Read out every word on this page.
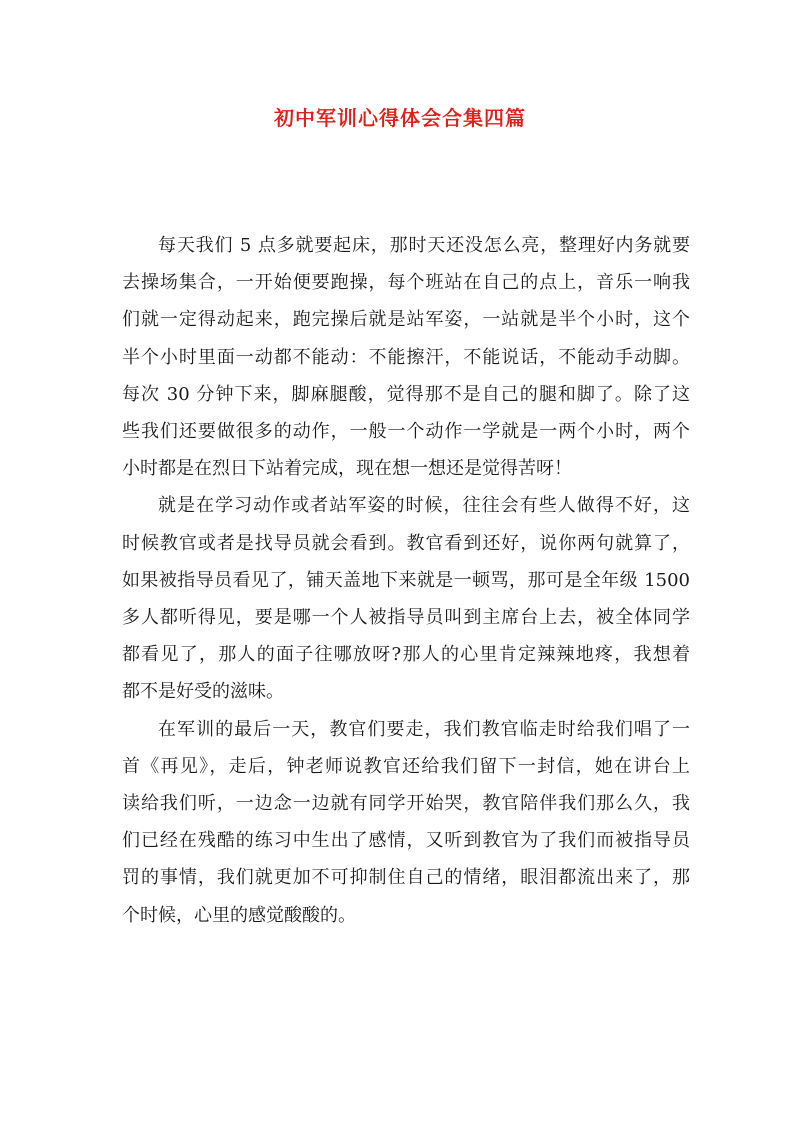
初中军训心得体会合集四篇
每天我们 5 点多就要起床，那时天还没怎么亮，整理好内务就要
去操场集合，一开始便要跑操，每个班站在自己的点上，音乐一响我
们就一定得动起来，跑完操后就是站军姿，一站就是半个小时，这个
半个小时里面一动都不能动：不能擦汗，不能说话，不能动手动脚。
每次 30 分钟下来，脚麻腿酸，觉得那不是自己的腿和脚了。除了这
些我们还要做很多的动作，一般一个动作一学就是一两个小时，两个
小时都是在烈日下站着完成，现在想一想还是觉得苦呀！
就是在学习动作或者站军姿的时候，往往会有些人做得不好，这
时候教官或者是找导员就会看到。教官看到还好，说你两句就算了，
如果被指导员看见了，铺天盖地下来就是一顿骂，那可是全年级 1500
多人都听得见，要是哪一个人被指导员叫到主席台上去，被全体同学
都看见了，那人的面子往哪放呀?那人的心里肯定辣辣地疼，我想着
都不是好受的滋味。
在军训的最后一天，教官们要走，我们教官临走时给我们唱了一
首《再见》，走后，钟老师说教官还给我们留下一封信，她在讲台上
读给我们听，一边念一边就有同学开始哭，教官陪伴我们那么久，我
们已经在残酷的练习中生出了感情，又听到教官为了我们而被指导员
罚的事情，我们就更加不可抑制住自己的情绪，眼泪都流出来了，那
个时候，心里的感觉酸酸的。
